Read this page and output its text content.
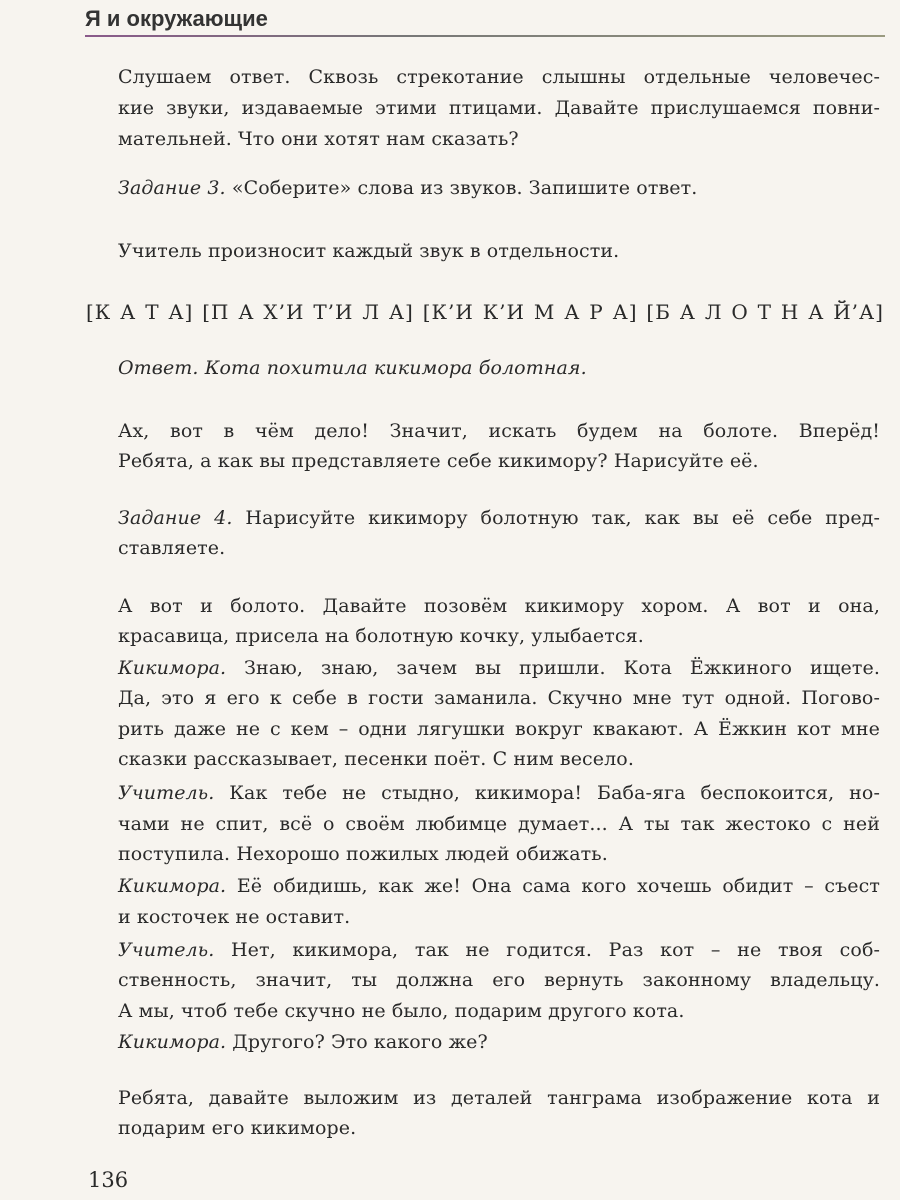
Я и окружающие
Слушаем ответ. Сквозь стрекотание слышны отдельные человечес-
кие звуки, издаваемые этими птицами. Давайте прислушаемся повни-
мательней. Что они хотят нам сказать?
Задание 3. «Соберите» слова из звуков. Запишите ответ.
Учитель произносит каждый звук в отдельности.
Ответ. Кота похитила кикимора болотная.
Ах, вот в чём дело! Значит, искать будем на болоте. Вперёд!
Ребята, а как вы представляете себе кикимору? Нарисуйте её.
Задание 4. Нарисуйте кикимору болотную так, как вы её себе пред-
ставляете.
А вот и болото. Давайте позовём кикимору хором. А вот и она,
красавица, присела на болотную кочку, улыбается.
Кикимора. Знаю, знаю, зачем вы пришли. Кота Ёжкиного ищете.
Да, это я его к себе в гости заманила. Скучно мне тут одной. Погово-
рить даже не с кем – одни лягушки вокруг квакают. А Ёжкин кот мне
сказки рассказывает, песенки поёт. С ним весело.
Учитель. Как тебе не стыдно, кикимора! Баба-яга беспокоится, но-
чами не спит, всё о своём любимце думает... А ты так жестоко с ней
поступила. Нехорошо пожилых людей обижать.
Кикимора. Её обидишь, как же! Она сама кого хочешь обидит – съест
и косточек не оставит.
Учитель. Нет, кикимора, так не годится. Раз кот – не твоя соб-
ственность, значит, ты должна его вернуть законному владельцу.
А мы, чтоб тебе скучно не было, подарим другого кота.
Кикимора. Другого? Это какого же?
Ребята, давайте выложим из деталей танграма изображение кота и
подарим его кикиморе.
[К А Т А] [П А Х’И Т’И Л А] [К’И К’И М А Р А] [Б А Л О Т Н А Й’А]
136
